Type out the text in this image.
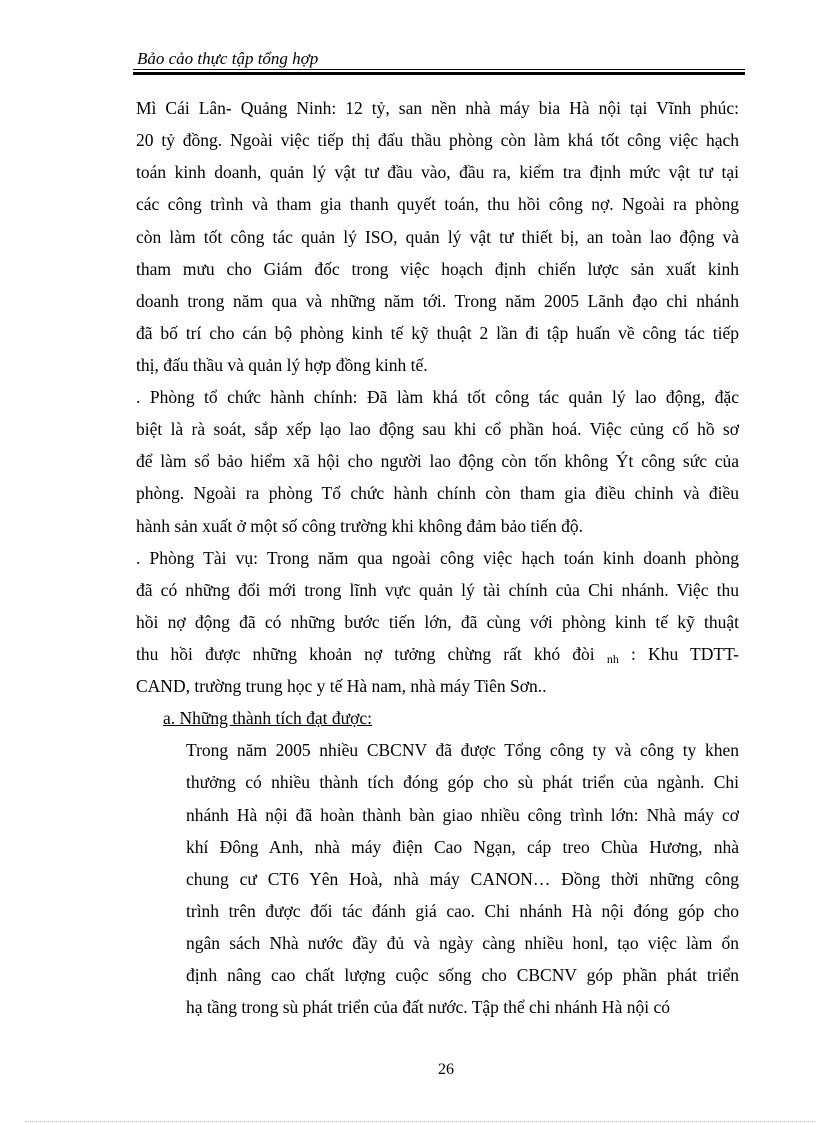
Bảo cảo thực tập tổng hợp
Mì Cái Lân- Quảng Ninh: 12 tỷ, san nền nhà máy bia Hà nội tại Vĩnh phúc:
20 tỷ đồng. Ngoài việc tiếp thị đấu thầu phòng còn làm khá tốt công việc hạch
toán kinh doanh, quản lý vật tư đầu vào, đầu ra, kiểm tra định mức vật tư tại
các công trình và tham gia thanh quyết toán, thu hồi công nợ. Ngoài ra phòng
còn làm tốt công tác quản lý ISO, quản lý vật tư thiết bị, an toàn lao động và
tham mưu cho Giám đốc trong việc hoạch định chiến lược sản xuất kinh
doanh trong năm qua và những năm tới. Trong năm 2005 Lãnh đạo chi nhánh
đã bố trí cho cán bộ phòng kinh tế kỹ thuật 2 lần đi tập huấn về công tác tiếp
thị, đấu thầu và quản lý hợp đồng kinh tế.
. Phòng tổ chức hành chính: Đã làm khá tốt công tác quản lý lao động, đặc
biệt là rà soát, sắp xếp lạo lao động sau khi cổ phần hoá. Việc củng cố hồ sơ
để làm sổ bảo hiểm xã hội cho người lao động còn tốn không Ýt công sức của
phòng. Ngoài ra phòng Tổ chức hành chính còn tham gia điều chỉnh và điều
hành sản xuất ở một số công trường khi không đảm bảo tiến độ.
. Phòng Tài vụ: Trong năm qua ngoài công việc hạch toán kinh doanh phòng
đã có những đổi mới trong lĩnh vực quản lý tài chính của Chi nhánh. Việc thu
hồi nợ động đã có những bước tiến lớn, đã cùng với phòng kinh tế kỹ thuật
thu hồi được những khoản nợ tưởng chừng rất khó đòi $_{nh}$ : Khu TDTT-
CAND, trường trung học y tế Hà nam, nhà máy Tiên Sơn..
a. Những thành tích đạt được:
Trong năm 2005 nhiều CBCNV đã được Tổng công ty và công ty khen
thưởng có nhiều thành tích đóng góp cho sù phát triển của ngành. Chi
nhánh Hà nội đã hoàn thành bàn giao nhiều công trình lớn: Nhà máy cơ
khí Đông Anh, nhà máy điện Cao Ngạn, cáp treo Chùa Hương, nhà
chung cư CT6 Yên Hoà, nhà máy CANON… Đồng thời những công
trình trên được đối tác đánh giá cao. Chi nhánh Hà nội đóng góp cho
ngân sách Nhà nước đầy đủ và ngày càng nhiều honl, tạo việc làm ổn
định nâng cao chất lượng cuộc sống cho CBCNV góp phần phát triển
hạ tầng trong sù phát triển của đất nước. Tập thể chi nhánh Hà nội có
26
